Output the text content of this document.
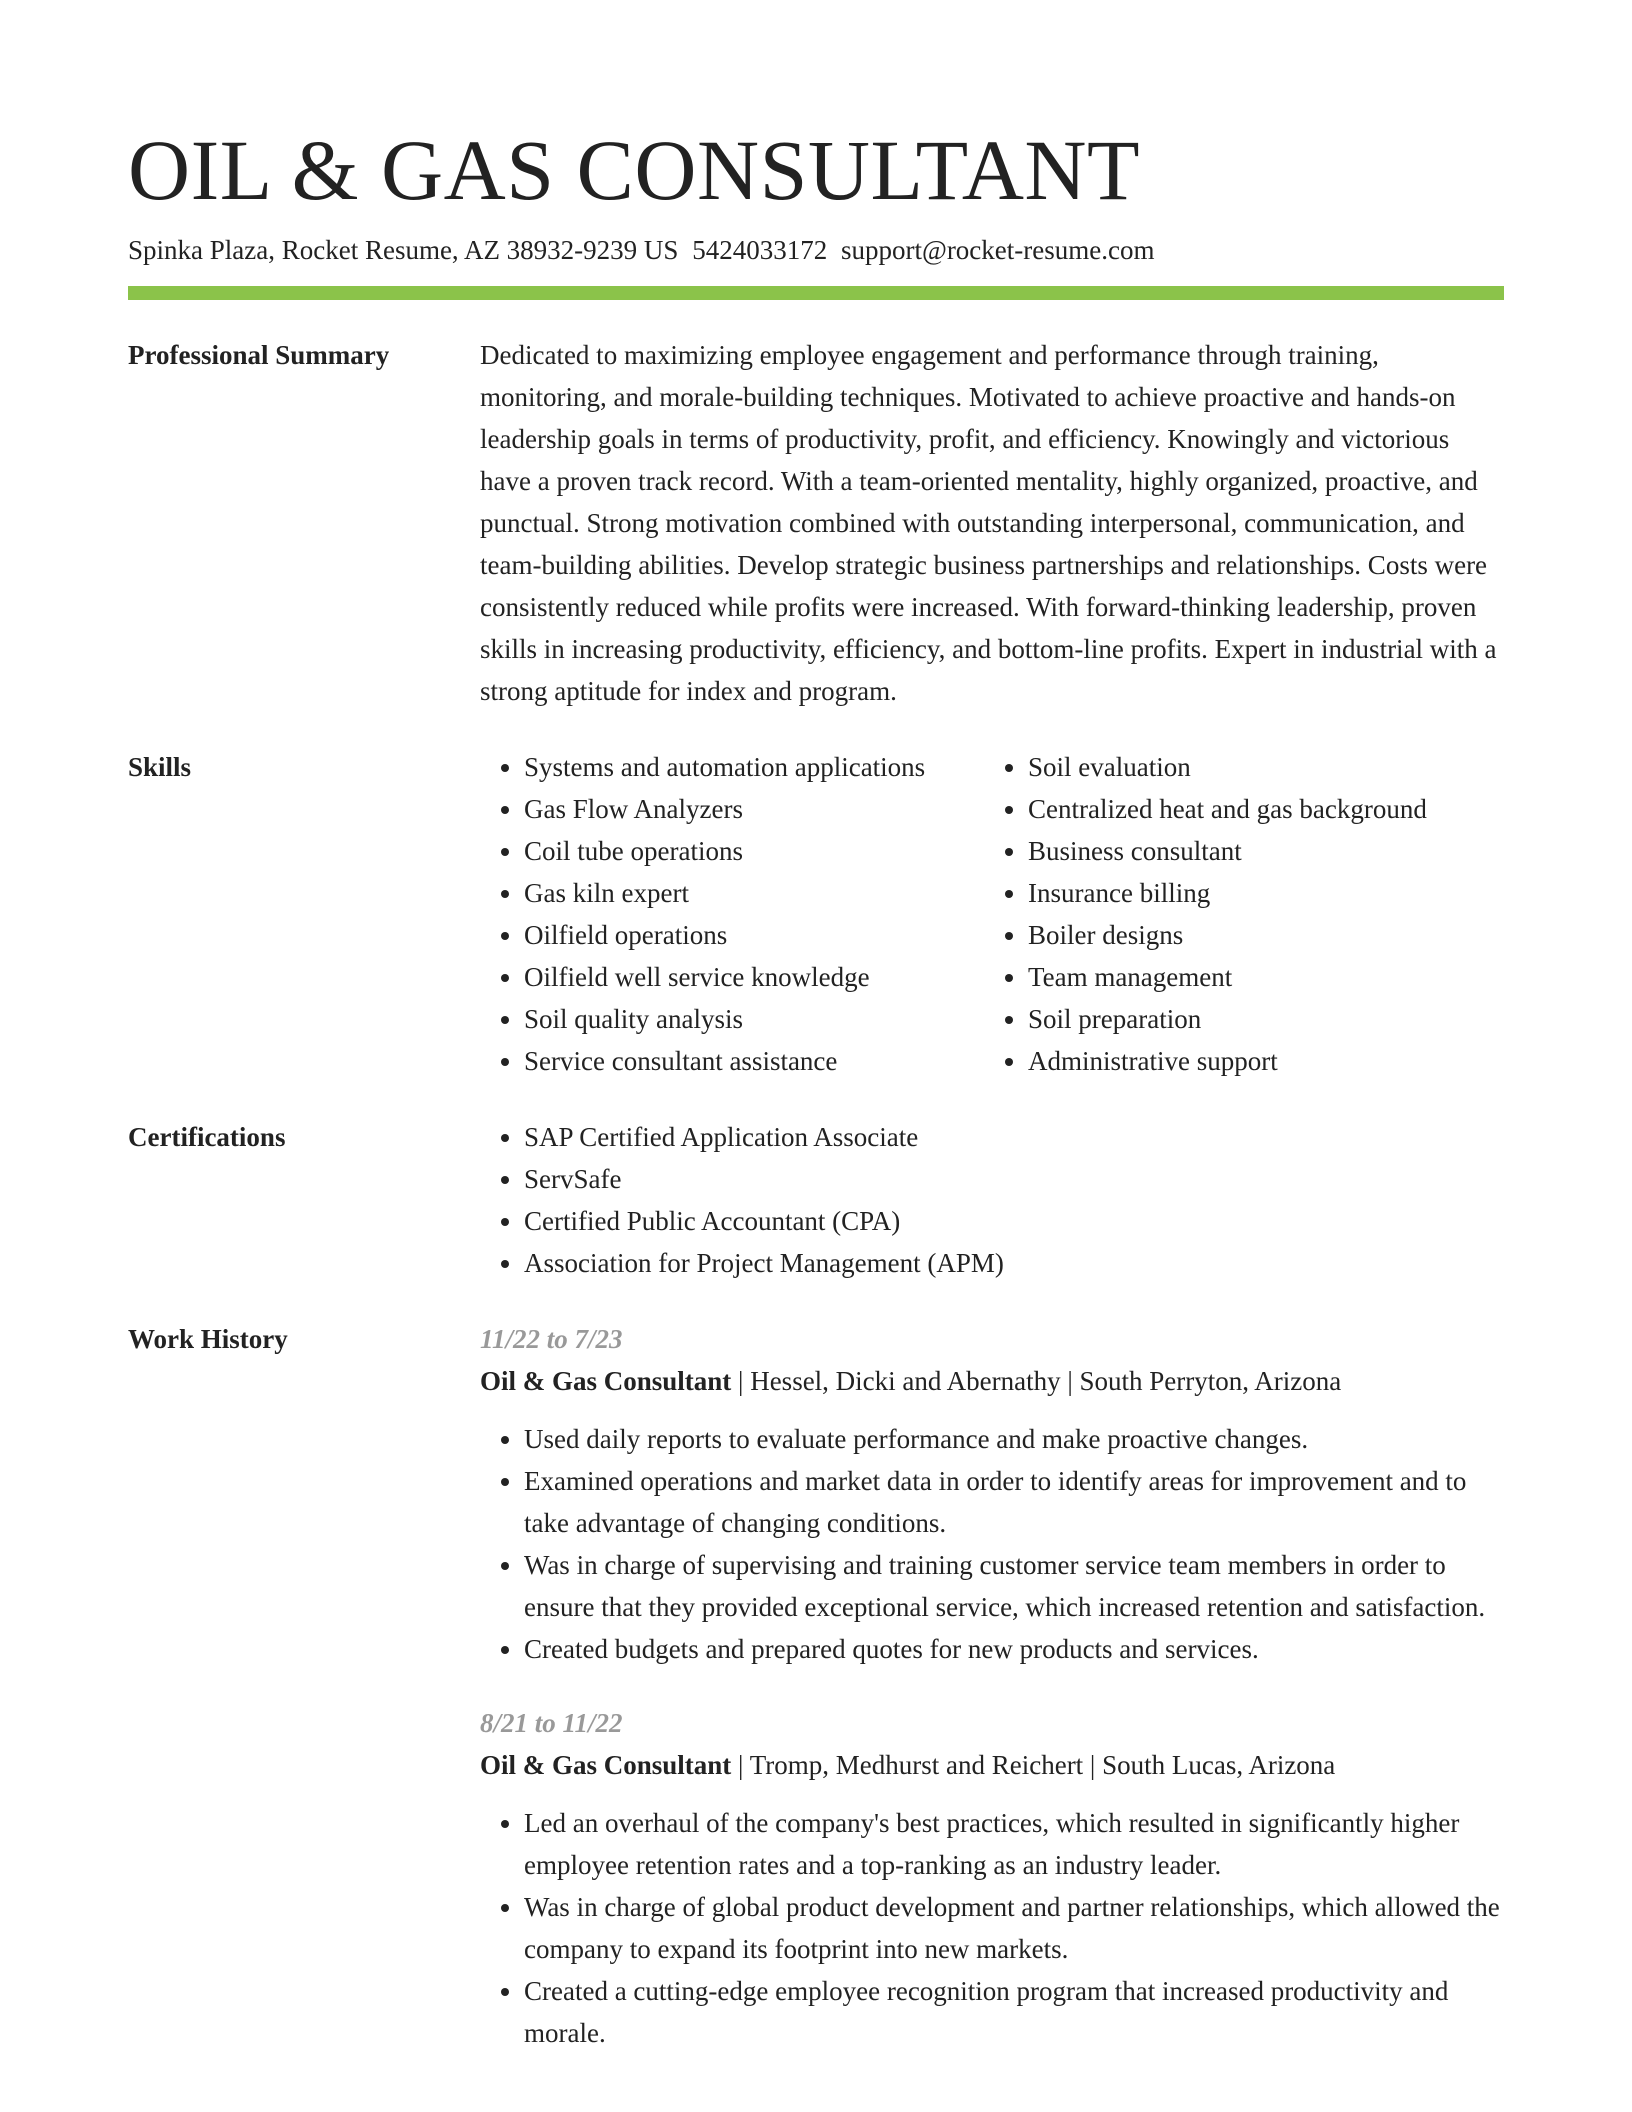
OIL & GAS CONSULTANT
Spinka Plaza, Rocket Resume, AZ 38932-9239 US 5424033172 support@rocket-resume.com
Professional Summary	Dedicated to maximizing employee engagement and performance through training, monitoring, and morale-building techniques. Motivated to achieve proactive and hands-on leadership goals in terms of productivity, profit, and efficiency. Knowingly and victorious have a proven track record. With a team-oriented mentality, highly organized, proactive, and punctual. Strong motivation combined with outstanding interpersonal, communication, and team-building abilities. Develop strategic business partnerships and relationships. Costs were consistently reduced while profits were increased. With forward-thinking leadership, proven skills in increasing productivity, efficiency, and bottom-line profits. Expert in industrial with a strong aptitude for index and program.

Skills	• Systems and automation applications
• Gas Flow Analyzers
• Coil tube operations
• Gas kiln expert
• Oilfield operations
• Oilfield well service knowledge
• Soil quality analysis
• Service consultant assistance
• Soil evaluation
• Centralized heat and gas background
• Business consultant
• Insurance billing
• Boiler designs
• Team management
• Soil preparation
• Administrative support
Certifications	• SAP Certified Application Associate
• ServSafe
• Certified Public Accountant (CPA)
• Association for Project Management (APM)
Work History	11/22 to 7/23
Oil & Gas Consultant | Hessel, Dicki and Abernathy | South Perryton, Arizona
• Used daily reports to evaluate performance and make proactive changes.
• Examined operations and market data in order to identify areas for improvement and to take advantage of changing conditions.
• Was in charge of supervising and training customer service team members in order to ensure that they provided exceptional service, which increased retention and satisfaction.
• Created budgets and prepared quotes for new products and services.
8/21 to 11/22
Oil & Gas Consultant | Tromp, Medhurst and Reichert | South Lucas, Arizona
• Led an overhaul of the company's best practices, which resulted in significantly higher employee retention rates and a top-ranking as an industry leader.
• Was in charge of global product development and partner relationships, which allowed the company to expand its footprint into new markets.
• Created a cutting-edge employee recognition program that increased productivity and morale.
